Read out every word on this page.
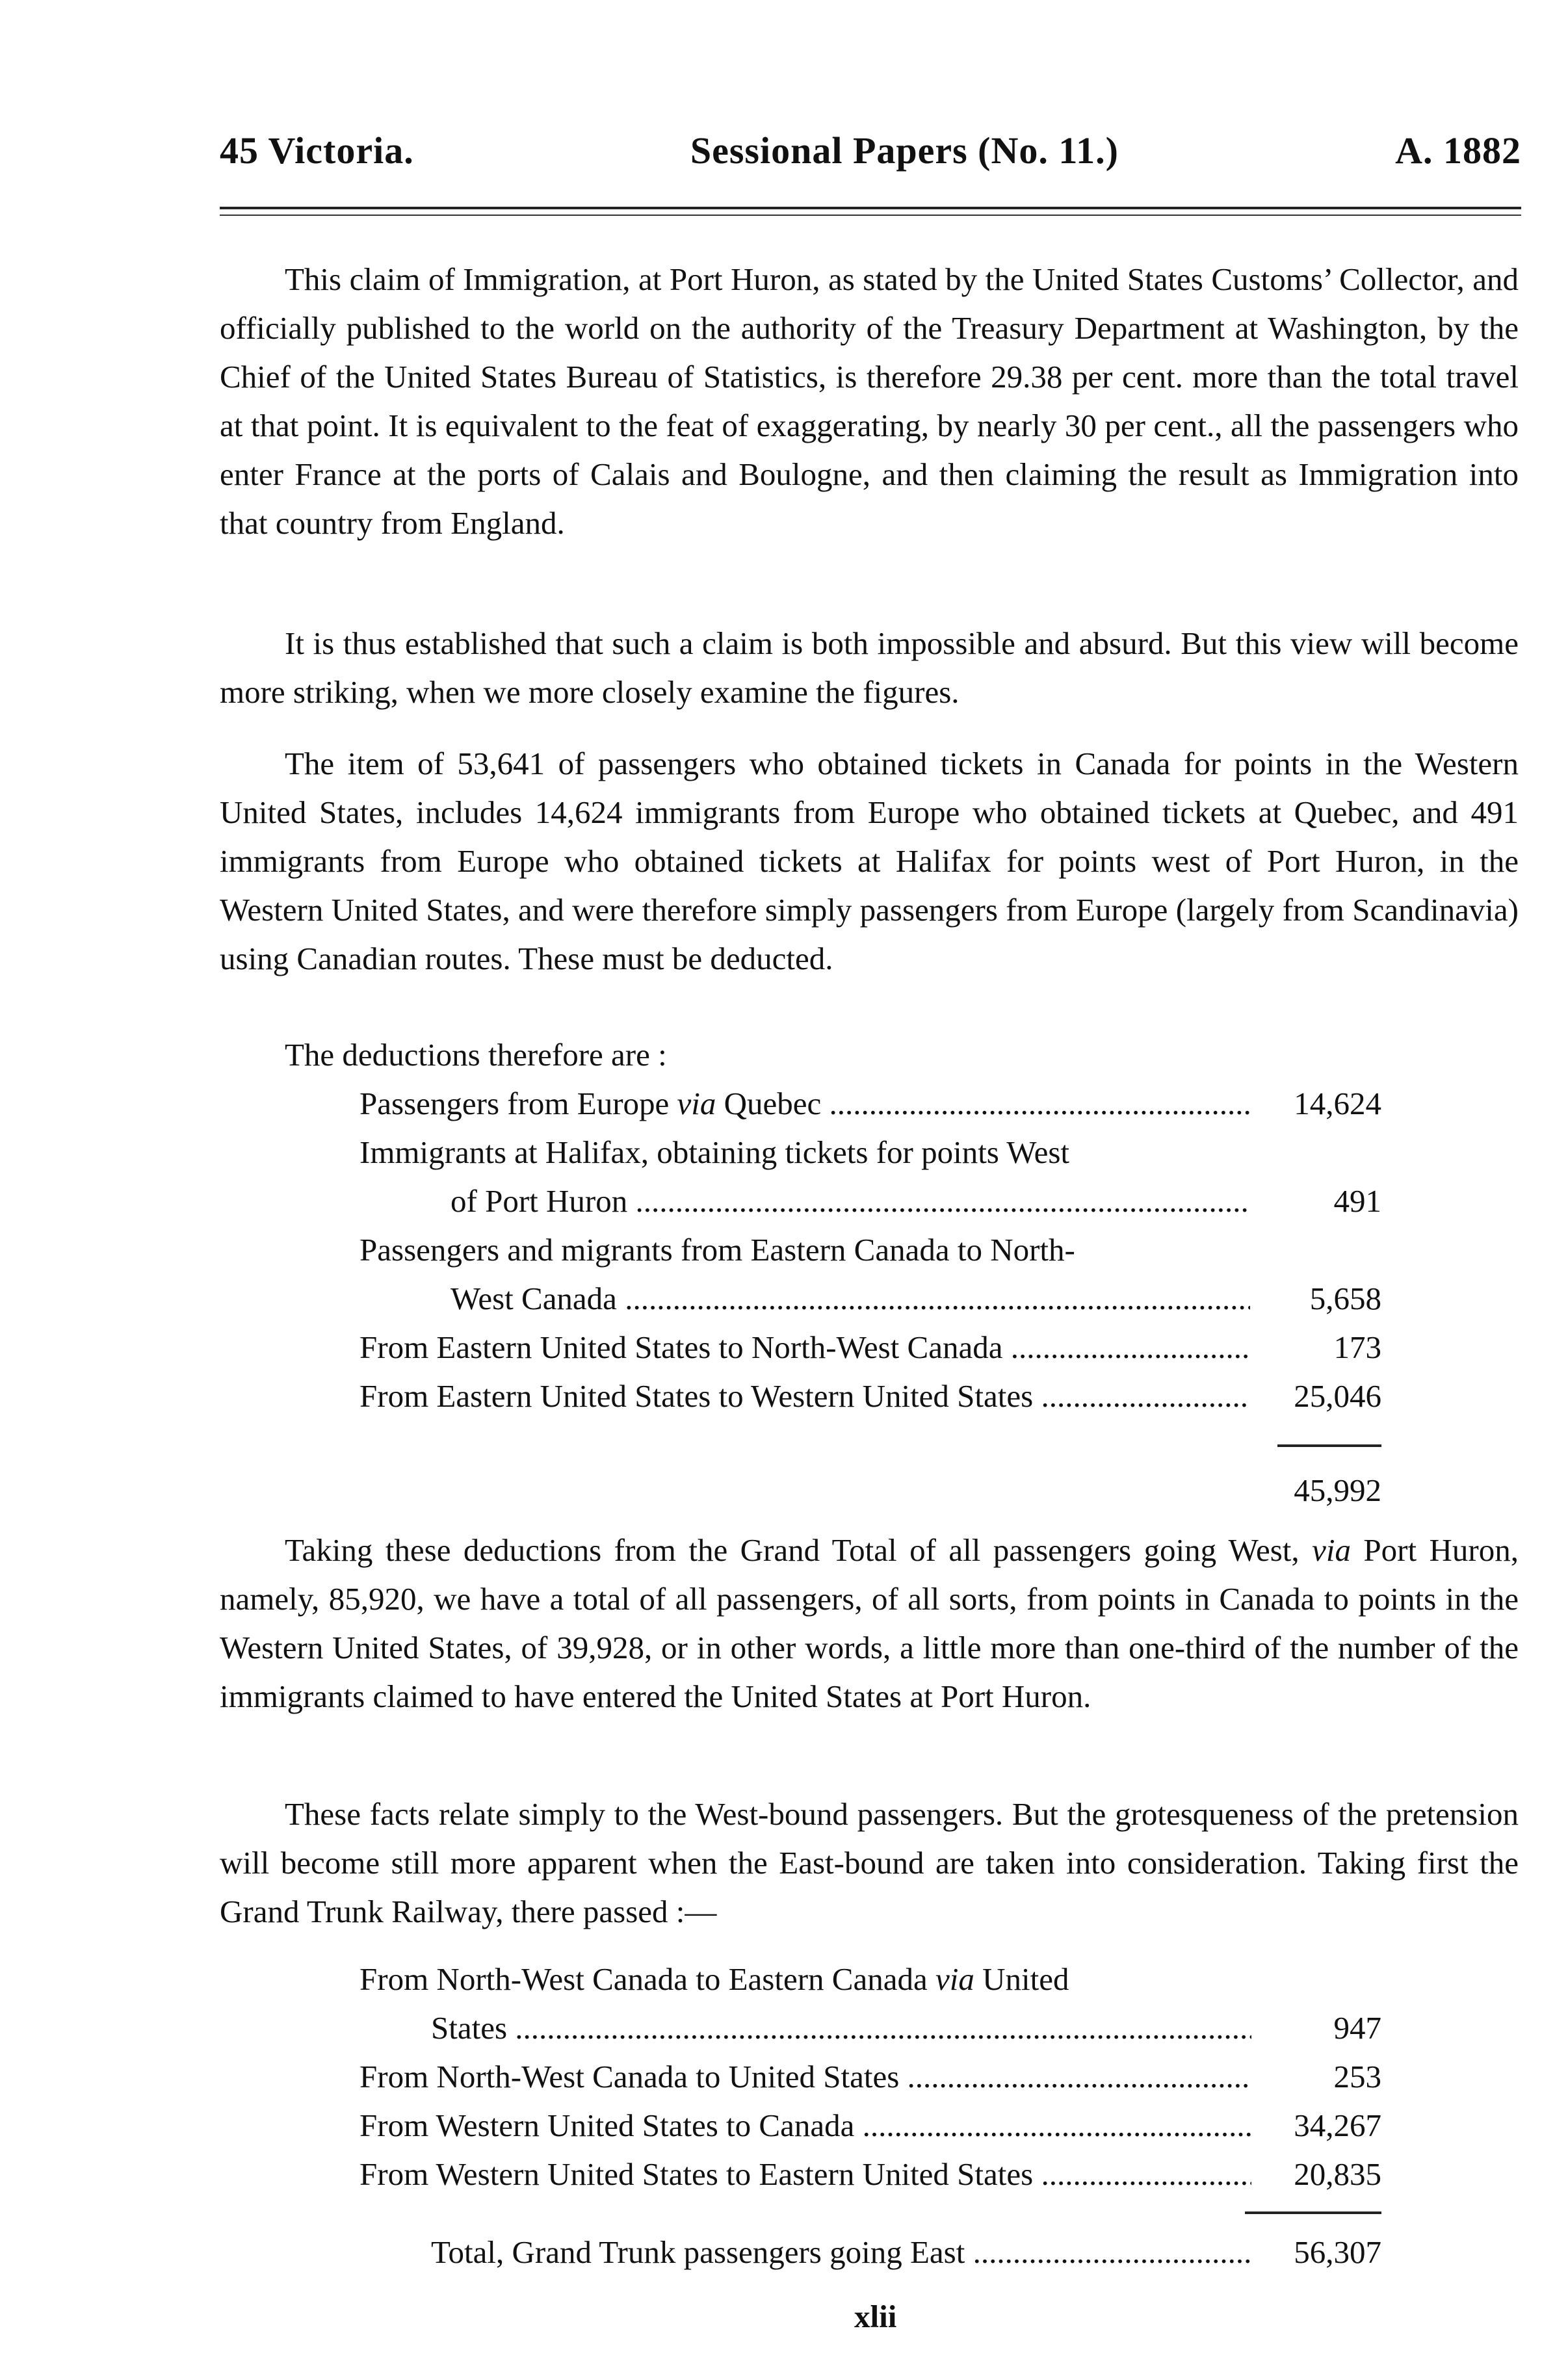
45 Victoria.	Sessional Papers (No. 11.)	A. 1882

This claim of Immigration, at Port Huron, as stated by the United States Customs’ Collector, and officially published to the world on the authority of the Treasury Department at Washington, by the Chief of the United States Bureau of Statistics, is therefore 29.38 per cent. more than the total travel at that point. It is equivalent to the feat of exaggerating, by nearly 30 per cent., all the passengers who enter France at the ports of Calais and Boulogne, and then claiming the result as Immigration into that country from England.

It is thus established that such a claim is both impossible and absurd. But this view will become more striking, when we more closely examine the figures.

The item of 53,641 of passengers who obtained tickets in Canada for points in the Western United States, includes 14,624 immigrants from Europe who obtained tickets at Quebec, and 491 immigrants from Europe who obtained tickets at Halifax for points west of Port Huron, in the Western United States, and were therefore simply passengers from Europe (largely from Scandinavia) using Canadian routes. These must be deducted.

The deductions therefore are :
Passengers from Europe via Quebec .....	14,624
Immigrants at Halifax, obtaining tickets for points West
of Port Huron .....	491
Passengers and migrants from Eastern Canada to North-
West Canada .....	5,658
From Eastern United States to North-West Canada .....	173
From Eastern United States to Western United States .....	25,046
45,992

Taking these deductions from the Grand Total of all passengers going West, via Port Huron, namely, 85,920, we have a total of all passengers, of all sorts, from points in Canada to points in the Western United States, of 39,928, or in other words, a little more than one-third of the number of the immigrants claimed to have entered the United States at Port Huron.

These facts relate simply to the West-bound passengers. But the grotesqueness of the pretension will become still more apparent when the East-bound are taken into consideration. Taking first the Grand Trunk Railway, there passed :—

From North-West Canada to Eastern Canada via United
States .....	947
From North-West Canada to United States .....	253
From Western United States to Canada .....	34,267
From Western United States to Eastern United States .....	20,835
Total, Grand Trunk passengers going East .....	56,307
xlii
